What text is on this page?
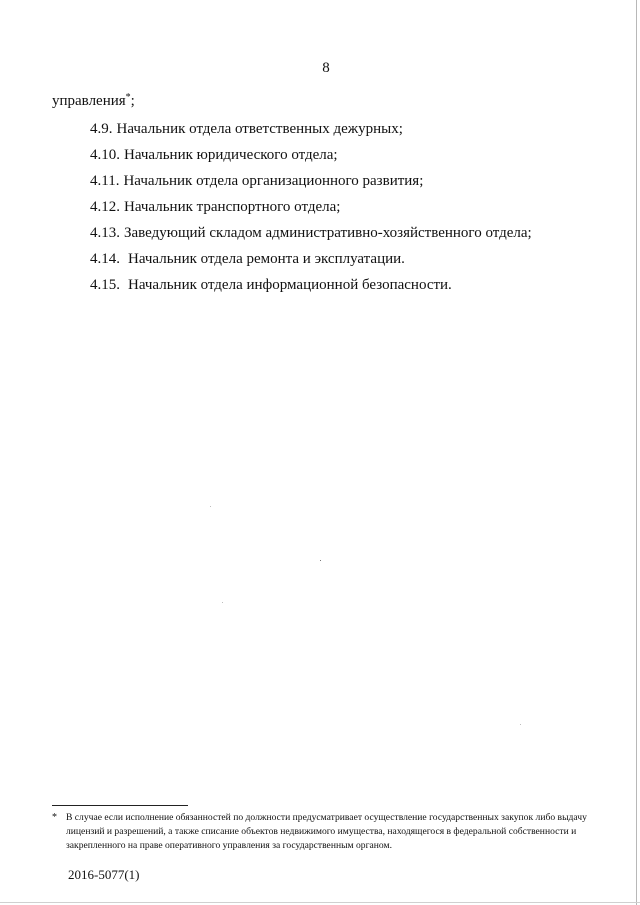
8
управления*;
4.9. Начальник отдела ответственных дежурных;
4.10. Начальник юридического отдела;
4.11. Начальник отдела организационного развития;
4.12. Начальник транспортного отдела;
4.13. Заведующий складом административно-хозяйственного отдела;
4.14. Начальник отдела ремонта и эксплуатации.
4.15. Начальник отдела информационной безопасности.
* В случае если исполнение обязанностей по должности предусматривает осуществление государственных закупок либо выдачу лицензий и разрешений, а также списание объектов недвижимого имущества, находящегося в федеральной собственности и закрепленного на праве оперативного управления за государственным органом.
2016-5077(1)
